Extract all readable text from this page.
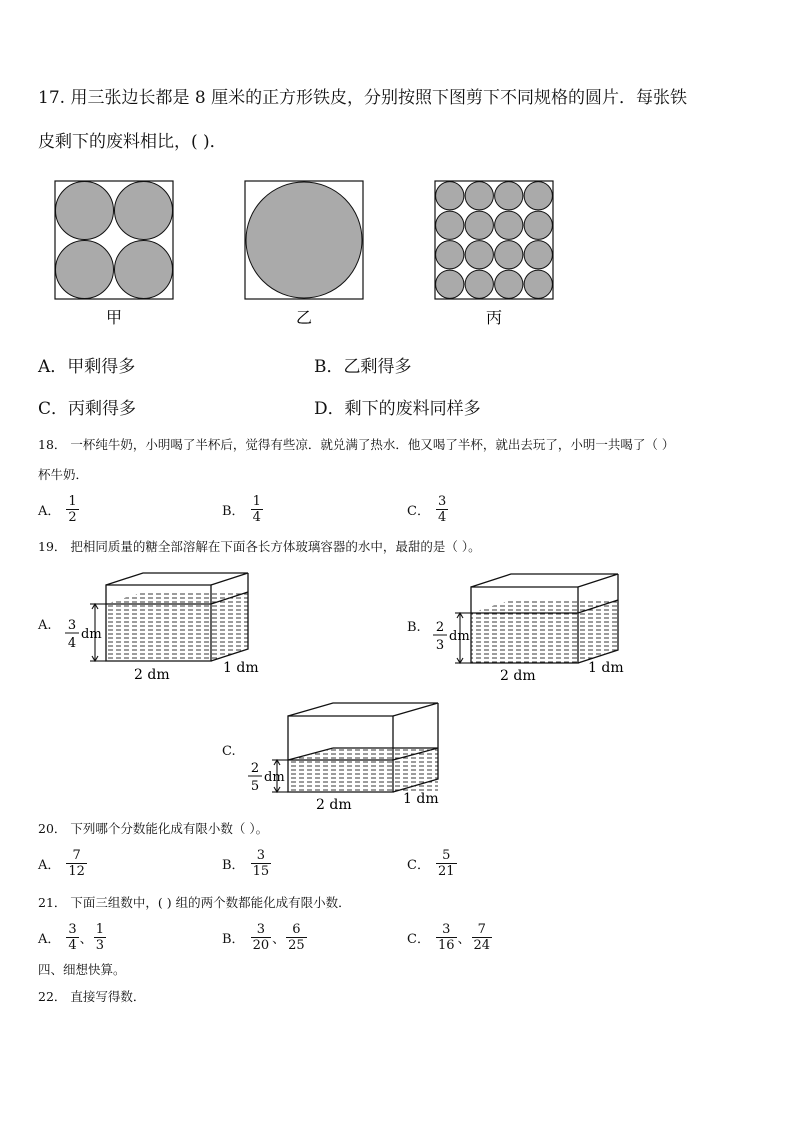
17. 用三张边长都是 8 厘米的正方形铁皮，分别按照下图剪下不同规格的圆片．每张铁
皮剩下的废料相比，( )．
甲	乙	丙
A．甲剩得多	B．乙剩得多
C．丙剩得多	D．剩下的废料同样多
18． 一杯纯牛奶，小明喝了半杯后，觉得有些凉．就兑满了热水．他又喝了半杯，就出去玩了，小明一共喝了（ ）
杯牛奶．
A． $\frac{1}{2}$	B． $\frac{1}{4}$	C． $\frac{3}{4}$
19． 把相同质量的糖全部溶解在下面各长方体玻璃容器的水中，最甜的是（ ）。
A. 3
4
dm
2 dm	1 dm
B. 2
3
dm
2 dm	1 dm
C.
2
5
dm
2 dm	1 dm
20． 下列哪个分数能化成有限小数（ ）。
A． $\frac{7}{12}$	B． $\frac{3}{15}$	C． $\frac{5}{21}$
21． 下面三组数中，( ) 组的两个数都能化成有限小数．
A． $\frac{3}{4}$ 、 $\frac{1}{3}$	B． $\frac{3}{20}$ 、 $\frac{6}{25}$	C． $\frac{3}{16}$ 、 $\frac{7}{24}$
四、细想快算。
22． 直接写得数．
